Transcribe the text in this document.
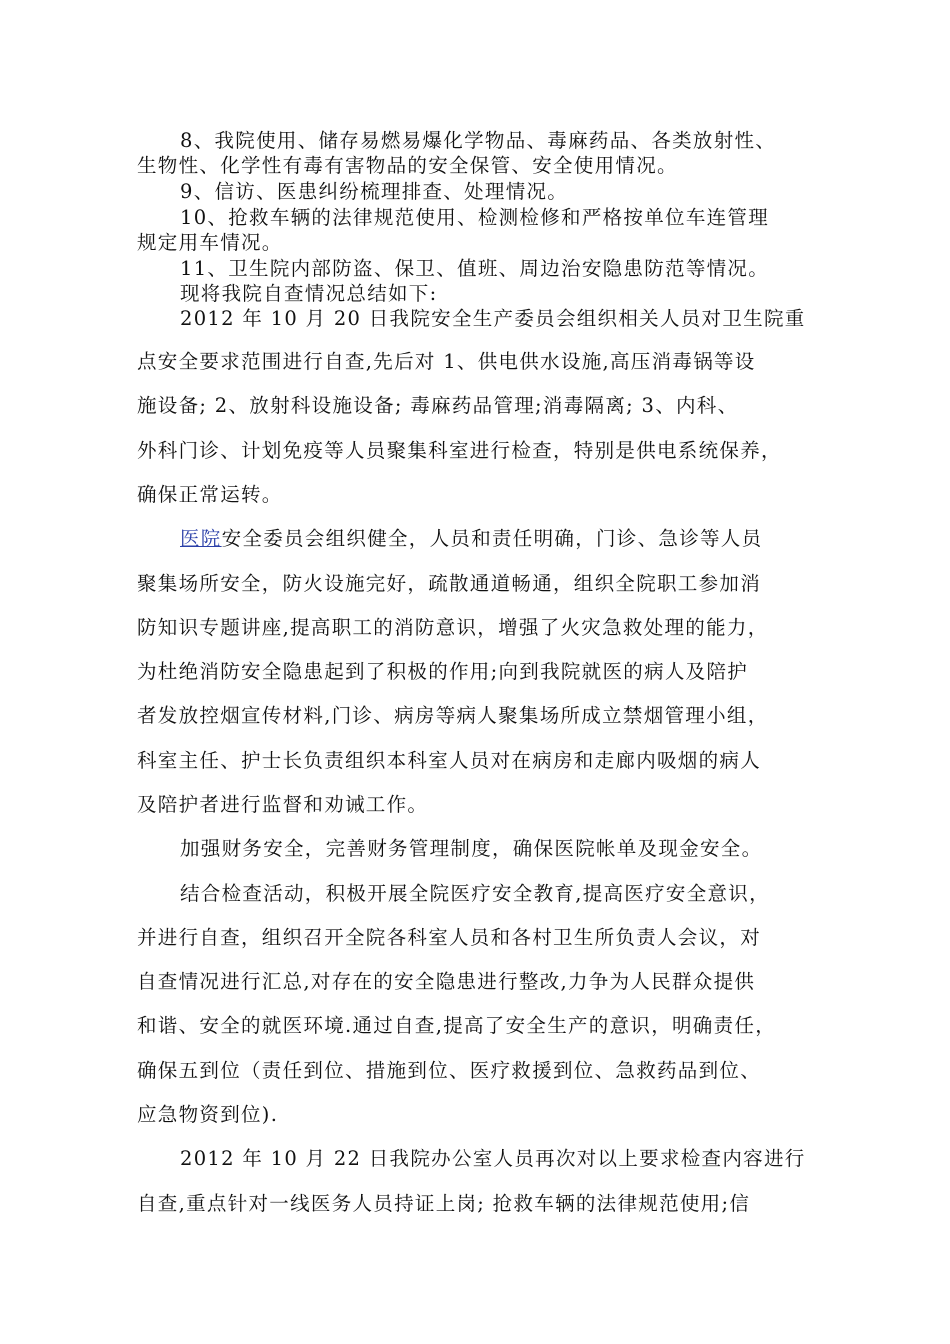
8、我院使用、储存易燃易爆化学物品、毒麻药品、各类放射性、
生物性、化学性有毒有害物品的安全保管、安全使用情况。
9、信访、医患纠纷梳理排查、处理情况。
10、抢救车辆的法律规范使用、检测检修和严格按单位车连管理
规定用车情况。
11、卫生院内部防盗、保卫、值班、周边治安隐患防范等情况。
现将我院自查情况总结如下:
2012 年 10 月 20 日我院安全生产委员会组织相关人员对卫生院重
点安全要求范围进行自查,先后对 1、供电供水设施,高压消毒锅等设
施设备; 2、放射科设施设备; 毒麻药品管理;消毒隔离; 3、内科、
外科门诊、计划免疫等人员聚集科室进行检查，特别是供电系统保养，
确保正常运转。
医院安全委员会组织健全，人员和责任明确，门诊、急诊等人员
聚集场所安全，防火设施完好，疏散通道畅通，组织全院职工参加消
防知识专题讲座,提高职工的消防意识，增强了火灾急救处理的能力，
为杜绝消防安全隐患起到了积极的作用;向到我院就医的病人及陪护
者发放控烟宣传材料,门诊、病房等病人聚集场所成立禁烟管理小组，
科室主任、护士长负责组织本科室人员对在病房和走廊内吸烟的病人
及陪护者进行监督和劝诫工作。
加强财务安全，完善财务管理制度，确保医院帐单及现金安全。
结合检查活动，积极开展全院医疗安全教育,提高医疗安全意识，
并进行自查，组织召开全院各科室人员和各村卫生所负责人会议，对
自查情况进行汇总,对存在的安全隐患进行整改,力争为人民群众提供
和谐、安全的就医环境.通过自查,提高了安全生产的意识，明确责任，
确保五到位（责任到位、措施到位、医疗救援到位、急救药品到位、
应急物资到位).
2012 年 10 月 22 日我院办公室人员再次对以上要求检查内容进行
自查,重点针对一线医务人员持证上岗; 抢救车辆的法律规范使用;信
